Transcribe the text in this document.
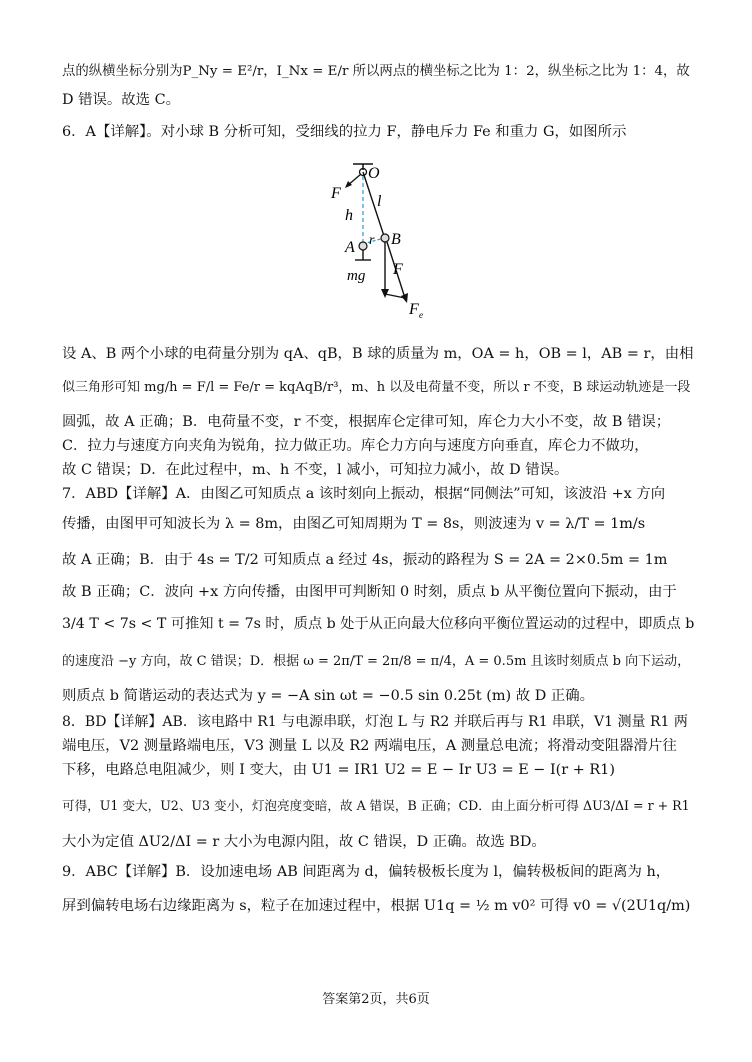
点的纵横坐标分别为P_Ny = E²/r，I_Nx = E/r 所以两点的横坐标之比为 1：2，纵坐标之比为 1：4，故
D 错误。故选 C。
6．A【详解】。对小球 B 分析可知，受细线的拉力 F，静电斥力 Fe 和重力 G，如图所示
O
F
h
l
r B
A
F
mg
F e
设 A、B 两个小球的电荷量分别为 qA、qB，B 球的质量为 m，OA = h，OB = l，AB = r，由相
似三角形可知 mg/h = F/l = Fe/r = kqAqB/r³，m、h 以及电荷量不变，所以 r 不变，B 球运动轨迹是一段
圆弧，故 A 正确；B．电荷量不变，r 不变，根据库仑定律可知，库仑力大小不变，故 B 错误；
C．拉力与速度方向夹角为锐角，拉力做正功。库仑力方向与速度方向垂直，库仑力不做功，
故 C 错误；D．在此过程中，m、h 不变，l 减小，可知拉力减小，故 D 错误。
7．ABD【详解】A．由图乙可知质点 a 该时刻向上振动，根据“同侧法”可知，该波沿 +x 方向
传播，由图甲可知波长为 λ = 8m，由图乙可知周期为 T = 8s，则波速为 v = λ/T = 1m/s
故 A 正确；B．由于 4s = T/2 可知质点 a 经过 4s，振动的路程为 S = 2A = 2×0.5m = 1m
故 B 正确；C．波向 +x 方向传播，由图甲可判断知 0 时刻，质点 b 从平衡位置向下振动，由于
3/4 T < 7s < T 可推知 t = 7s 时，质点 b 处于从正向最大位移向平衡位置运动的过程中，即质点 b
的速度沿 −y 方向，故 C 错误；D．根据 ω = 2π/T = 2π/8 = π/4，A = 0.5m 且该时刻质点 b 向下运动，
则质点 b 简谐运动的表达式为 y = −A sin ωt = −0.5 sin 0.25t (m) 故 D 正确。
8．BD【详解】AB．该电路中 R1 与电源串联，灯泡 L 与 R2 并联后再与 R1 串联，V1 测量 R1 两
端电压，V2 测量路端电压，V3 测量 L 以及 R2 两端电压，A 测量总电流；将滑动变阻器滑片往
下移，电路总电阻减少，则 I 变大，由 U1 = IR1 U2 = E − Ir U3 = E − I(r + R1)
可得，U1 变大，U2、U3 变小，灯泡亮度变暗，故 A 错误，B 正确；CD．由上面分析可得 ΔU3/ΔI = r + R1
大小为定值 ΔU2/ΔI = r 大小为电源内阻，故 C 错误，D 正确。故选 BD。
9．ABC【详解】B．设加速电场 AB 间距离为 d，偏转极板长度为 l，偏转极板间的距离为 h，
屏到偏转电场右边缘距离为 s，粒子在加速过程中，根据 U1q = ½ m v0² 可得 v0 = √(2U1q/m)
答案第2页，共6页
